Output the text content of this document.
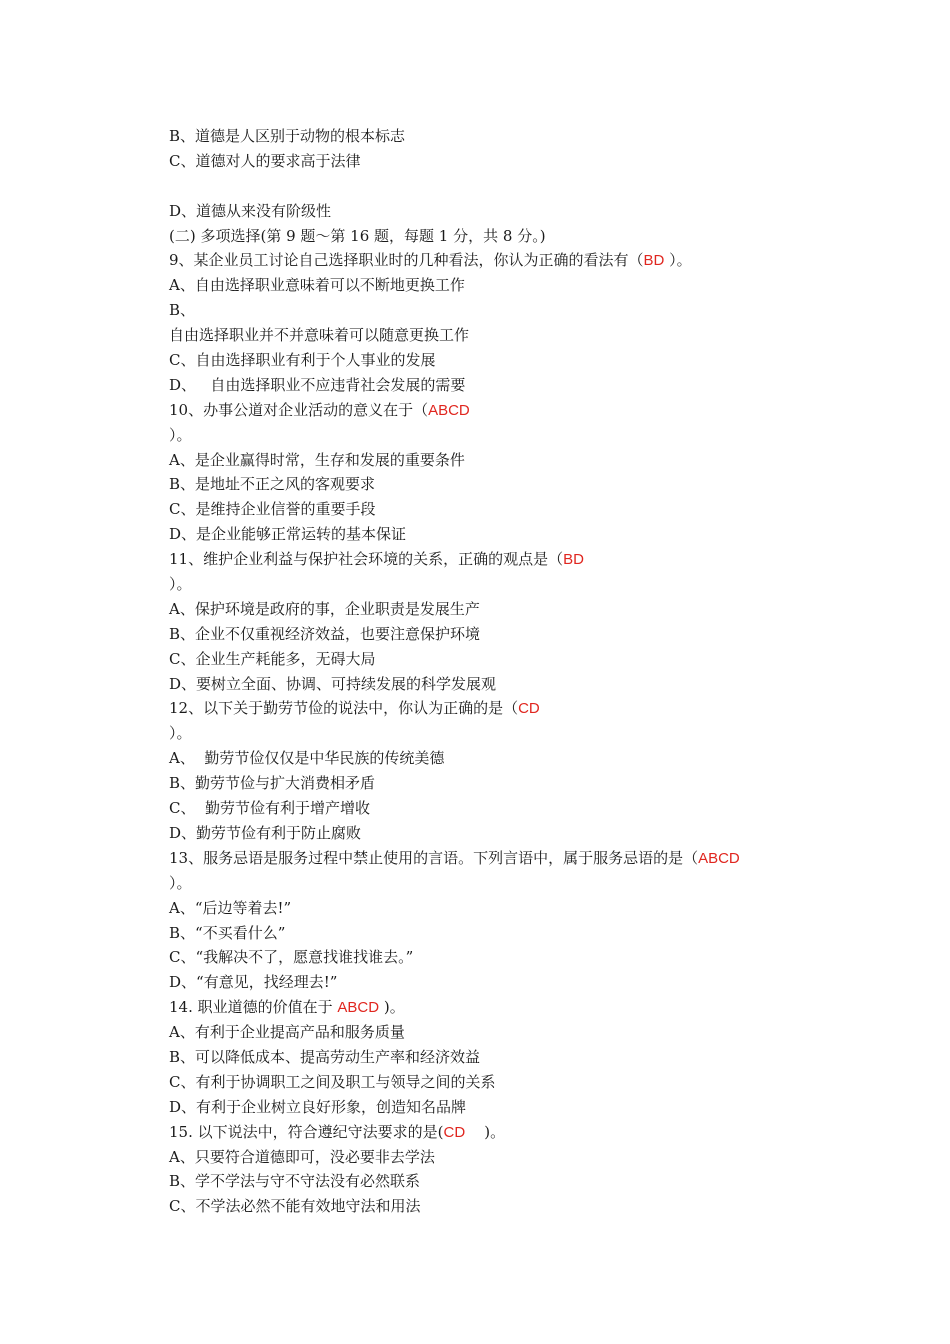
B、道德是人区别于动物的根本标志
C、道德对人的要求高于法律
D、道德从来没有阶级性
(二) 多项选择(第 9 题～第 16 题，每题 1 分，共 8 分。)
9、某企业员工讨论自己选择职业时的几种看法，你认为正确的看法有（BD ）。
A、自由选择职业意味着可以不断地更换工作
B、
自由选择职业并不并意味着可以随意更换工作
C、自由选择职业有利于个人事业的发展
D、   自由选择职业不应违背社会发展的需要
10、办事公道对企业活动的意义在于（ABCD
）。
A、是企业赢得时常，生存和发展的重要条件
B、是地址不正之风的客观要求
C、是维持企业信誉的重要手段
D、是企业能够正常运转的基本保证
11、维护企业利益与保护社会环境的关系，正确的观点是（BD
）。
A、保护环境是政府的事，企业职责是发展生产
B、企业不仅重视经济效益，也要注意保护环境
C、企业生产耗能多，无碍大局
D、要树立全面、协调、可持续发展的科学发展观
12、以下关于勤劳节俭的说法中，你认为正确的是（CD
）。
A、  勤劳节俭仅仅是中华民族的传统美德
B、勤劳节俭与扩大消费相矛盾
C、  勤劳节俭有利于增产增收
D、勤劳节俭有利于防止腐败
13、服务忌语是服务过程中禁止使用的言语。下列言语中，属于服务忌语的是（ABCD
）。
A、“后边等着去!”
B、“不买看什么”
C、“我解决不了，愿意找谁找谁去。”
D、“有意见，找经理去!”
14. 职业道德的价值在于 ABCD )。
A、有利于企业提高产品和服务质量
B、可以降低成本、提高劳动生产率和经济效益
C、有利于协调职工之间及职工与领导之间的关系
D、有利于企业树立良好形象，创造知名品牌
15. 以下说法中，符合遵纪守法要求的是(CD    )。
A、只要符合道德即可，没必要非去学法
B、学不学法与守不守法没有必然联系
C、不学法必然不能有效地守法和用法
